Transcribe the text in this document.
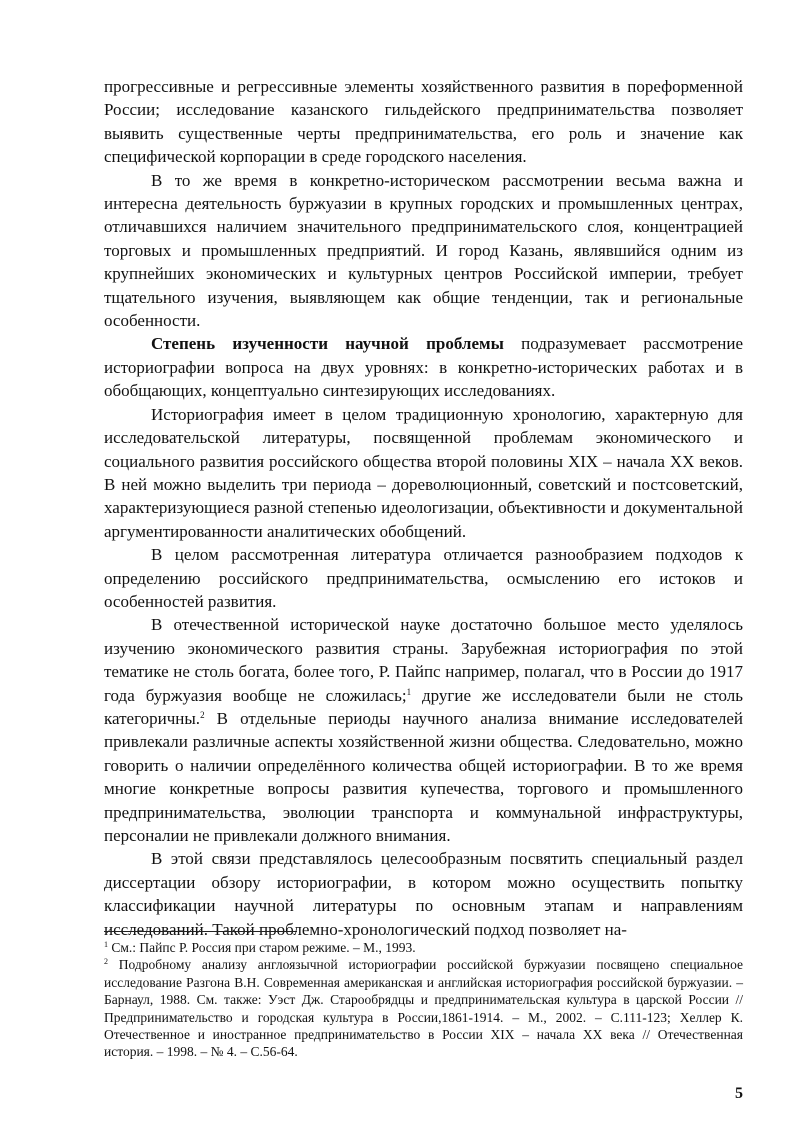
прогрессивные и регрессивные элементы хозяйственного развития в пореформенной России; исследование казанского гильдейского предпринимательства позволяет выявить существенные черты предпринимательства, его роль и значение как специфической корпорации в среде городского населения.

В то же время в конкретно-историческом рассмотрении весьма важна и интересна деятельность буржуазии в крупных городских и промышленных центрах, отличавшихся наличием значительного предпринимательского слоя, концентрацией торговых и промышленных предприятий. И город Казань, являвшийся одним из крупнейших экономических и культурных центров Российской империи, требует тщательного изучения, выявляющем как общие тенденции, так и региональные особенности.

Степень изученности научной проблемы подразумевает рассмотрение историографии вопроса на двух уровнях: в конкретно-исторических работах и в обобщающих, концептуально синтезирующих исследованиях.

Историография имеет в целом традиционную хронологию, характерную для исследовательской литературы, посвященной проблемам экономического и социального развития российского общества второй половины XIX – начала XX веков. В ней можно выделить три периода – дореволюционный, советский и постсоветский, характеризующиеся разной степенью идеологизации, объективности и документальной аргументированности аналитических обобщений.

В целом рассмотренная литература отличается разнообразием подходов к определению российского предпринимательства, осмыслению его истоков и особенностей развития.

В отечественной исторической науке достаточно большое место уделялось изучению экономического развития страны. Зарубежная историография по этой тематике не столь богата, более того, Р. Пайпс например, полагал, что в России до 1917 года буржуазия вообще не сложилась;$^1$ другие же исследователи были не столь категоричны.$^2$ В отдельные периоды научного анализа внимание исследователей привлекали различные аспекты хозяйственной жизни общества. Следовательно, можно говорить о наличии определённого количества общей историографии. В то же время многие конкретные вопросы развития купечества, торгового и промышленного предпринимательства, эволюции транспорта и коммунальной инфраструктуры, персоналии не привлекали должного внимания.

В этой связи представлялось целесообразным посвятить специальный раздел диссертации обзору историографии, в котором можно осуществить попытку классификации научной литературы по основным этапам и направлениям исследований. Такой проблемно-хронологический подход позволяет на-

$^1$ См.: Пайпс Р. Россия при старом режиме. – М., 1993.

$^2$ Подробному анализу англоязычной историографии российской буржуазии посвящено специальное исследование Разгона В.Н. Современная американская и английская историография российской буржуазии. – Барнаул, 1988. См. также: Уэст Дж. Старообрядцы и предпринимательская культура в царской России // Предпринимательство и городская культура в России,1861-1914. – М., 2002. – С.111-123; Хеллер К. Отечественное и иностранное предпринимательство в России XIX – начала XX века // Отечественная история. – 1998. – № 4. – С.56-64.

5
